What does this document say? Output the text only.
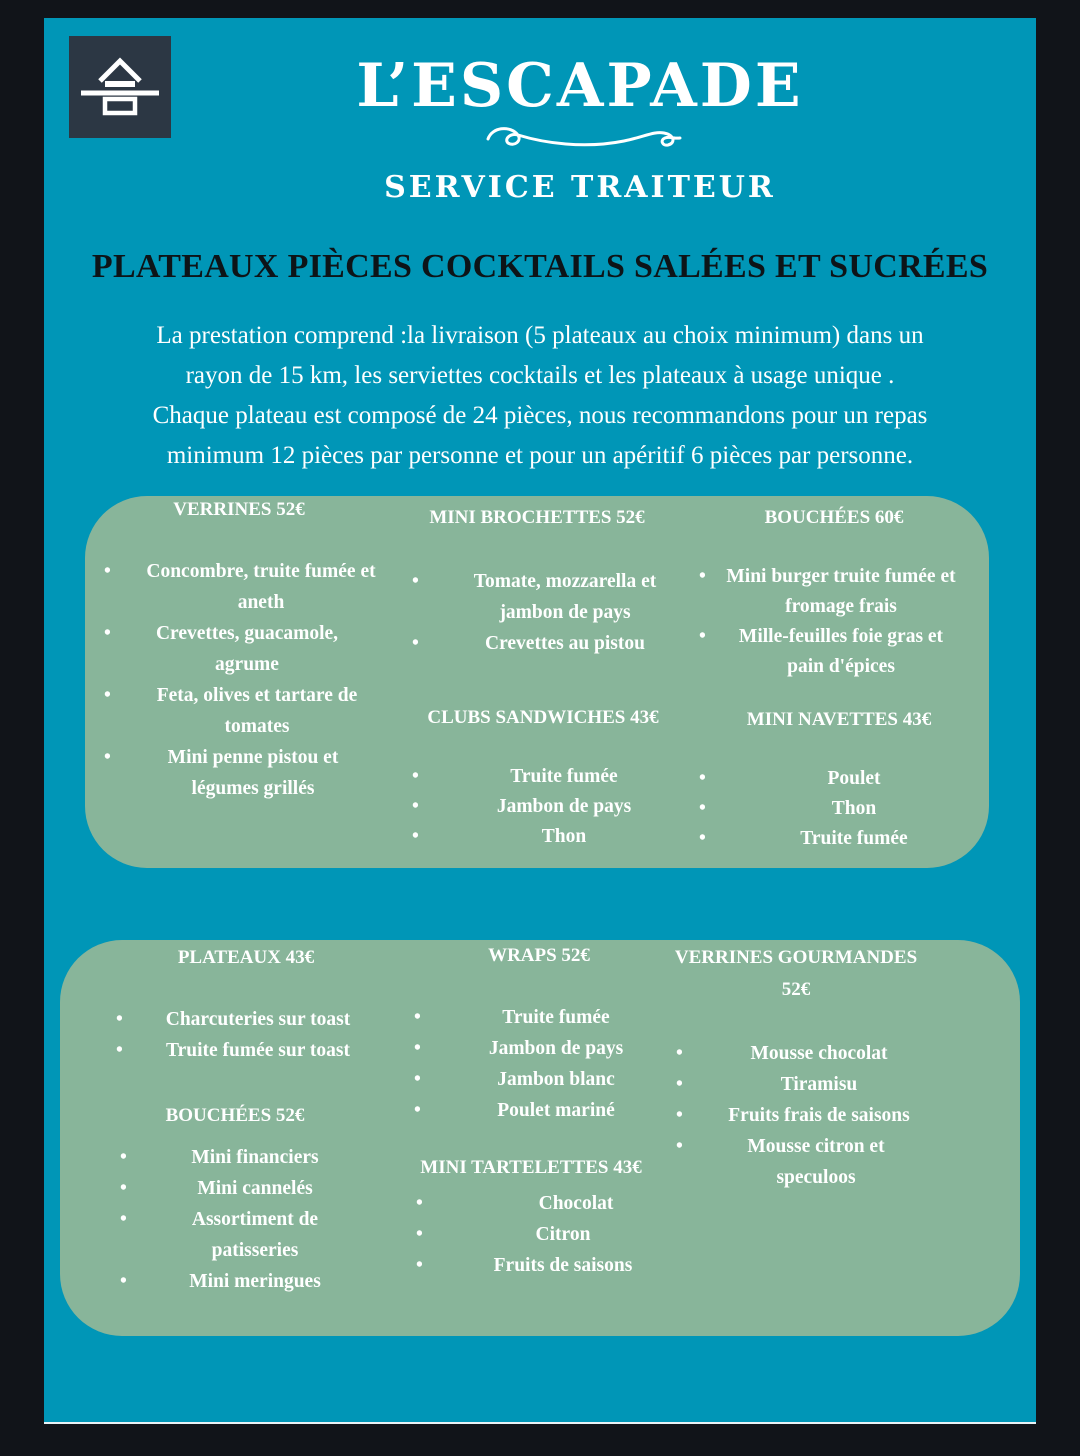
L’ESCAPADE
SERVICE TRAITEUR
PLATEAUX PIÈCES COCKTAILS SALÉES ET SUCRÉES
La prestation comprend :la livraison (5 plateaux au choix minimum) dans un
rayon de 15 km, les serviettes cocktails et les plateaux à usage unique .
Chaque plateau est composé de 24 pièces, nous recommandons pour un repas
minimum 12 pièces par personne et pour un apéritif 6 pièces par personne.
VERRINES 52€
• Concombre, truite fumée et aneth
• Crevettes, guacamole, agrume
• Feta, olives et tartare de tomates
• Mini penne pistou et légumes grillés
MINI BROCHETTES 52€
• Tomate, mozzarella et jambon de pays
• Crevettes au pistou
BOUCHÉES 60€
• Mini burger truite fumée et fromage frais
• Mille-feuilles foie gras et pain d'épices
CLUBS SANDWICHES 43€
• Truite fumée
• Jambon de pays
• Thon
MINI NAVETTES 43€
• Poulet
• Thon
• Truite fumée
PLATEAUX 43€
• Charcuteries sur toast
• Truite fumée sur toast
BOUCHÉES 52€
• Mini financiers
• Mini cannelés
• Assortiment de patisseries
• Mini meringues
WRAPS 52€
• Truite fumée
• Jambon de pays
• Jambon blanc
• Poulet mariné
MINI TARTELETTES 43€
• Chocolat
• Citron
• Fruits de saisons
VERRINES GOURMANDES
52€
• Mousse chocolat
• Tiramisu
• Fruits frais de saisons
• Mousse citron et speculoos
